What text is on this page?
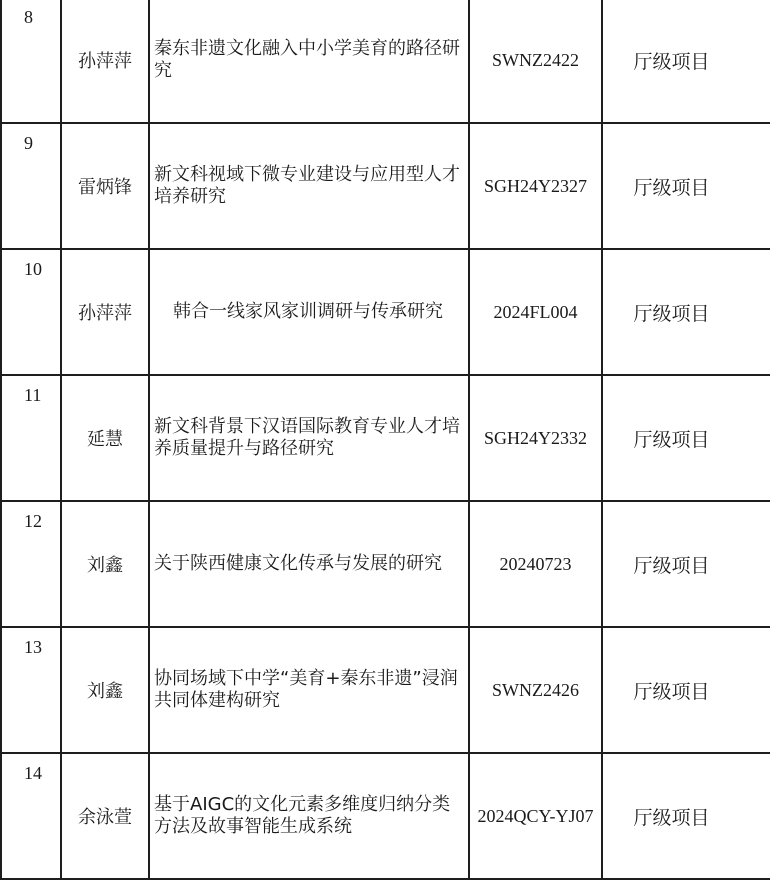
8	孙萍萍	秦东非遗文化融入中小学美育的路径研究	SWNZ2422	厅级项目
9	雷炳锋	新文科视域下微专业建设与应用型人才培养研究	SGH24Y2327	厅级项目
10	孙萍萍	韩合一线家风家训调研与传承研究	2024FL004	厅级项目
11	延慧	新文科背景下汉语国际教育专业人才培养质量提升与路径研究	SGH24Y2332	厅级项目
12	刘鑫	关于陕西健康文化传承与发展的研究	20240723	厅级项目
13	刘鑫	协同场域下中学“美育+秦东非遗”浸润共同体建构研究	SWNZ2426	厅级项目
14	余泳萱	基于AIGC的文化元素多维度归纳分类方法及故事智能生成系统	2024QCY-YJ07	厅级项目
